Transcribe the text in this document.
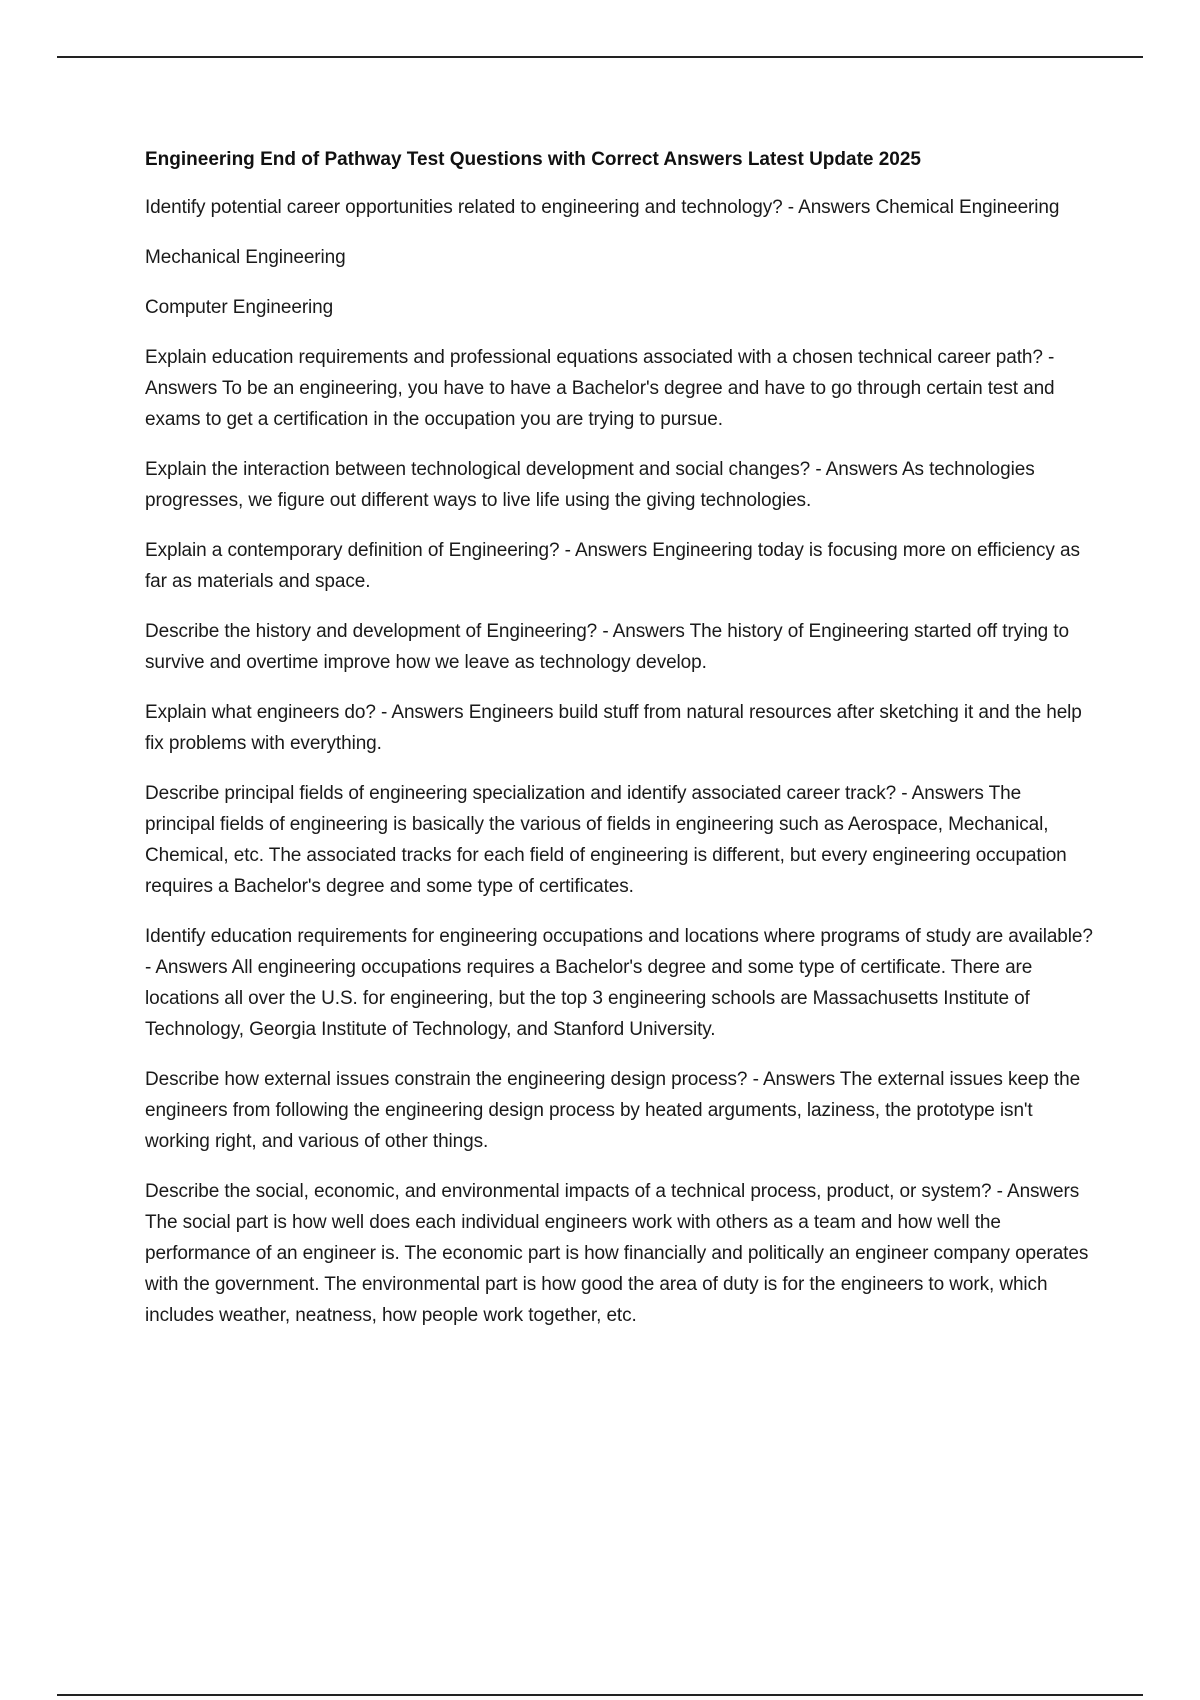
Engineering End of Pathway Test Questions with Correct Answers Latest Update 2025

Identify potential career opportunities related to engineering and technology? - Answers Chemical Engineering

Mechanical Engineering

Computer Engineering

Explain education requirements and professional equations associated with a chosen technical career path? - Answers To be an engineering, you have to have a Bachelor's degree and have to go through certain test and exams to get a certification in the occupation you are trying to pursue.

Explain the interaction between technological development and social changes? - Answers As technologies progresses, we figure out different ways to live life using the giving technologies.

Explain a contemporary definition of Engineering? - Answers Engineering today is focusing more on efficiency as far as materials and space.

Describe the history and development of Engineering? - Answers The history of Engineering started off trying to survive and overtime improve how we leave as technology develop.

Explain what engineers do? - Answers Engineers build stuff from natural resources after sketching it and the help fix problems with everything.

Describe principal fields of engineering specialization and identify associated career track? - Answers The principal fields of engineering is basically the various of fields in engineering such as Aerospace, Mechanical, Chemical, etc. The associated tracks for each field of engineering is different, but every engineering occupation requires a Bachelor's degree and some type of certificates.

Identify education requirements for engineering occupations and locations where programs of study are available? - Answers All engineering occupations requires a Bachelor's degree and some type of certificate. There are locations all over the U.S. for engineering, but the top 3 engineering schools are Massachusetts Institute of Technology, Georgia Institute of Technology, and Stanford University.

Describe how external issues constrain the engineering design process? - Answers The external issues keep the engineers from following the engineering design process by heated arguments, laziness, the prototype isn't working right, and various of other things.

Describe the social, economic, and environmental impacts of a technical process, product, or system? - Answers The social part is how well does each individual engineers work with others as a team and how well the performance of an engineer is. The economic part is how financially and politically an engineer company operates with the government. The environmental part is how good the area of duty is for the engineers to work, which includes weather, neatness, how people work together, etc.
